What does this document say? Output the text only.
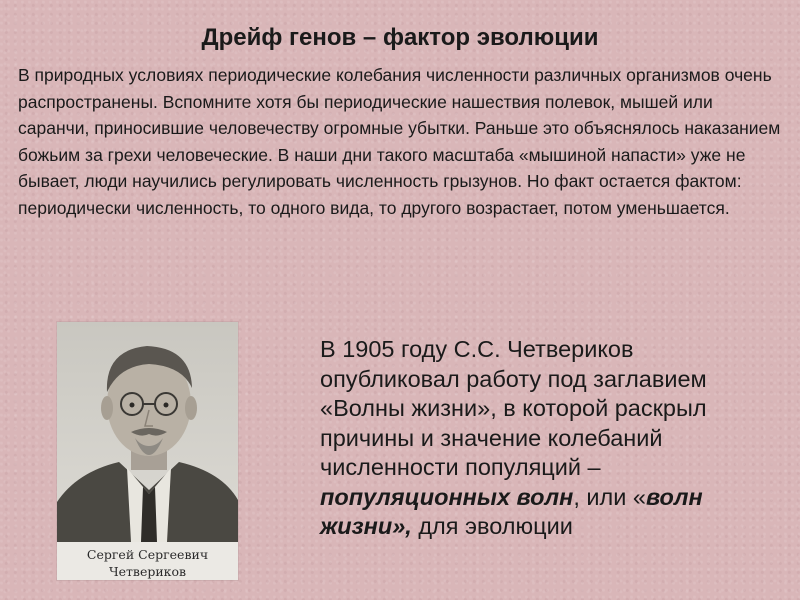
Дрейф генов – фактор эволюции

В природных условиях периодические колебания численности различных организмов очень распространены. Вспомните хотя бы периодические нашествия полевок, мышей или саранчи, приносившие человечеству огромные убытки. Раньше это объяснялось наказанием божьим за грехи человеческие. В наши дни такого масштаба «мышиной напасти» уже не бывает, люди научились регулировать численность грызунов. Но факт остается фактом: периодически численность, то одного вида, то другого возрастает, потом уменьшается.

Сергей Сергеевич
Четвериков

В 1905 году С.С. Четвериков опубликовал работу под заглавием «Волны жизни», в которой раскрыл причины и значение колебаний численности популяций – популяционных волн, или «волн жизни», для эволюции
